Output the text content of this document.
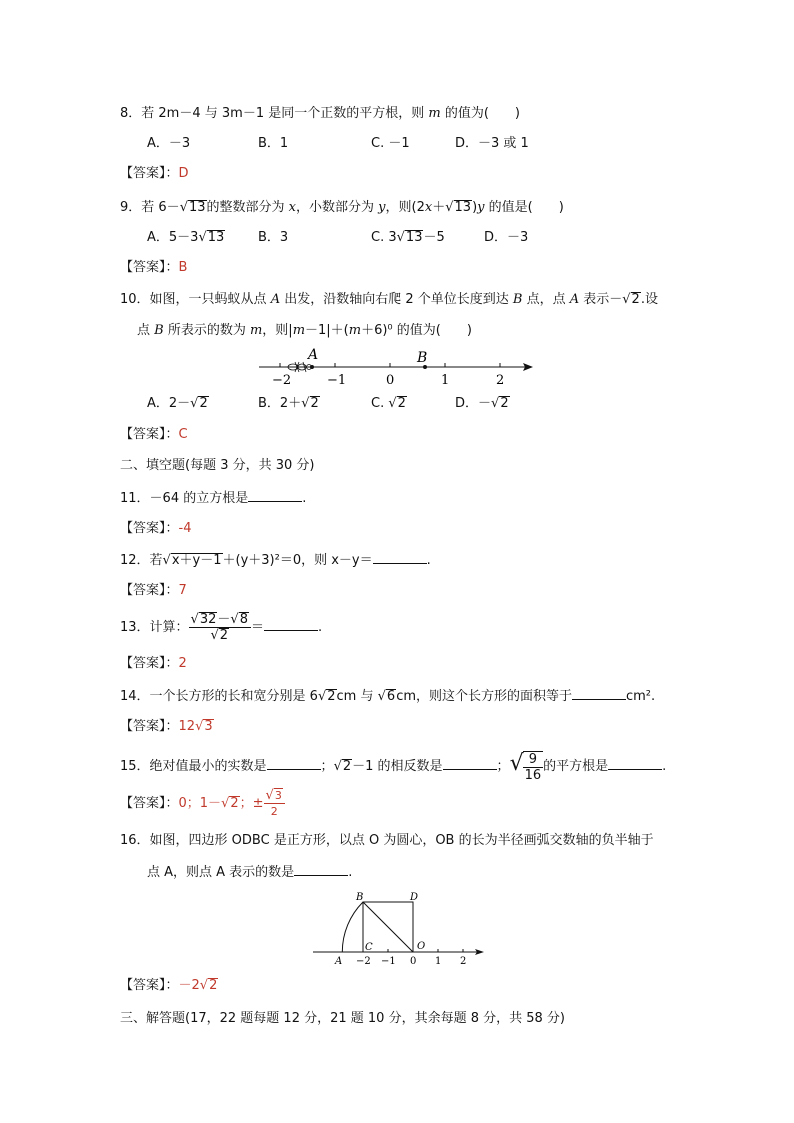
8．若 2m－4 与 3m－1 是同一个正数的平方根，则 m 的值为(　　)
A．－3	B．1	C. －1	D．－3 或 1
【答案】：D
9．若 6－√13的整数部分为 x，小数部分为 y，则(2x＋√13)y 的值是(　　)
A．5－3√13	B．3	C. 3√13－5	D．－3
【答案】：B
10．如图，一只蚂蚁从点 A 出发，沿数轴向右爬 2 个单位长度到达 B 点，点 A 表示－√2.设
点 B 所表示的数为 m，则|m－1|＋(m＋6)⁰ 的值为(　　)
A	B
−2	−1	0	1	2
A．2－√2	B．2＋√2	C. √2	D．－√2
【答案】：C
二、填空题(每题 3 分，共 30 分)
11．－64 的立方根是	.
【答案】：-4
12．若√x＋y－1＋(y＋3)²＝0，则 x－y＝	.
【答案】：7
13．计算： $\frac{√32-√8}{√2}$ ＝	.
【答案】：2
14．一个长方形的长和宽分别是 6√2cm 与 √6cm，则这个长方形的面积等于	cm².
【答案】：12√3
15．绝对值最小的实数是	；√2－1 的相反数是	；√ $\frac{9}{16}$ 的平方根是	.
【答案】：0；1－√2；± $\frac{√3}{2}$
16．如图，四边形 ODBC 是正方形，以点 O 为圆心，OB 的长为半径画弧交数轴的负半轴于
点 A，则点 A 表示的数是	.
B	D
C	O
A −2 −1 0 1 2
【答案】：－2√2
三、解答题(17，22 题每题 12 分，21 题 10 分，其余每题 8 分，共 58 分)
